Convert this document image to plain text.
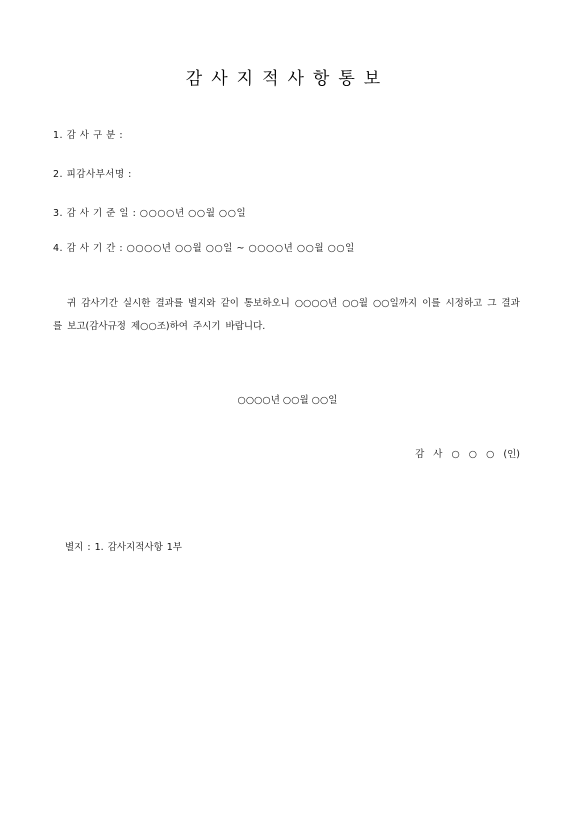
감사지적사항통보
1. 감 사 구 분 :
2. 피감사부서명 :
3. 감 사 기 준 일 : ○○○○년 ○○월 ○○일
4. 감 사 기 간 : ○○○○년 ○○월 ○○일 ~ ○○○○년 ○○월 ○○일
귀 감사기간 실시한 결과를 별지와 같이 통보하오니 ○○○○년 ○○월 ○○일까지 이를 시정하고 그 결과를 보고(감사규정 제○○조)하여 주시기 바랍니다.
○○○○년 ○○월 ○○일
감 사 ○ ○ ○ (인)
별지 : 1. 감사지적사항 1부
